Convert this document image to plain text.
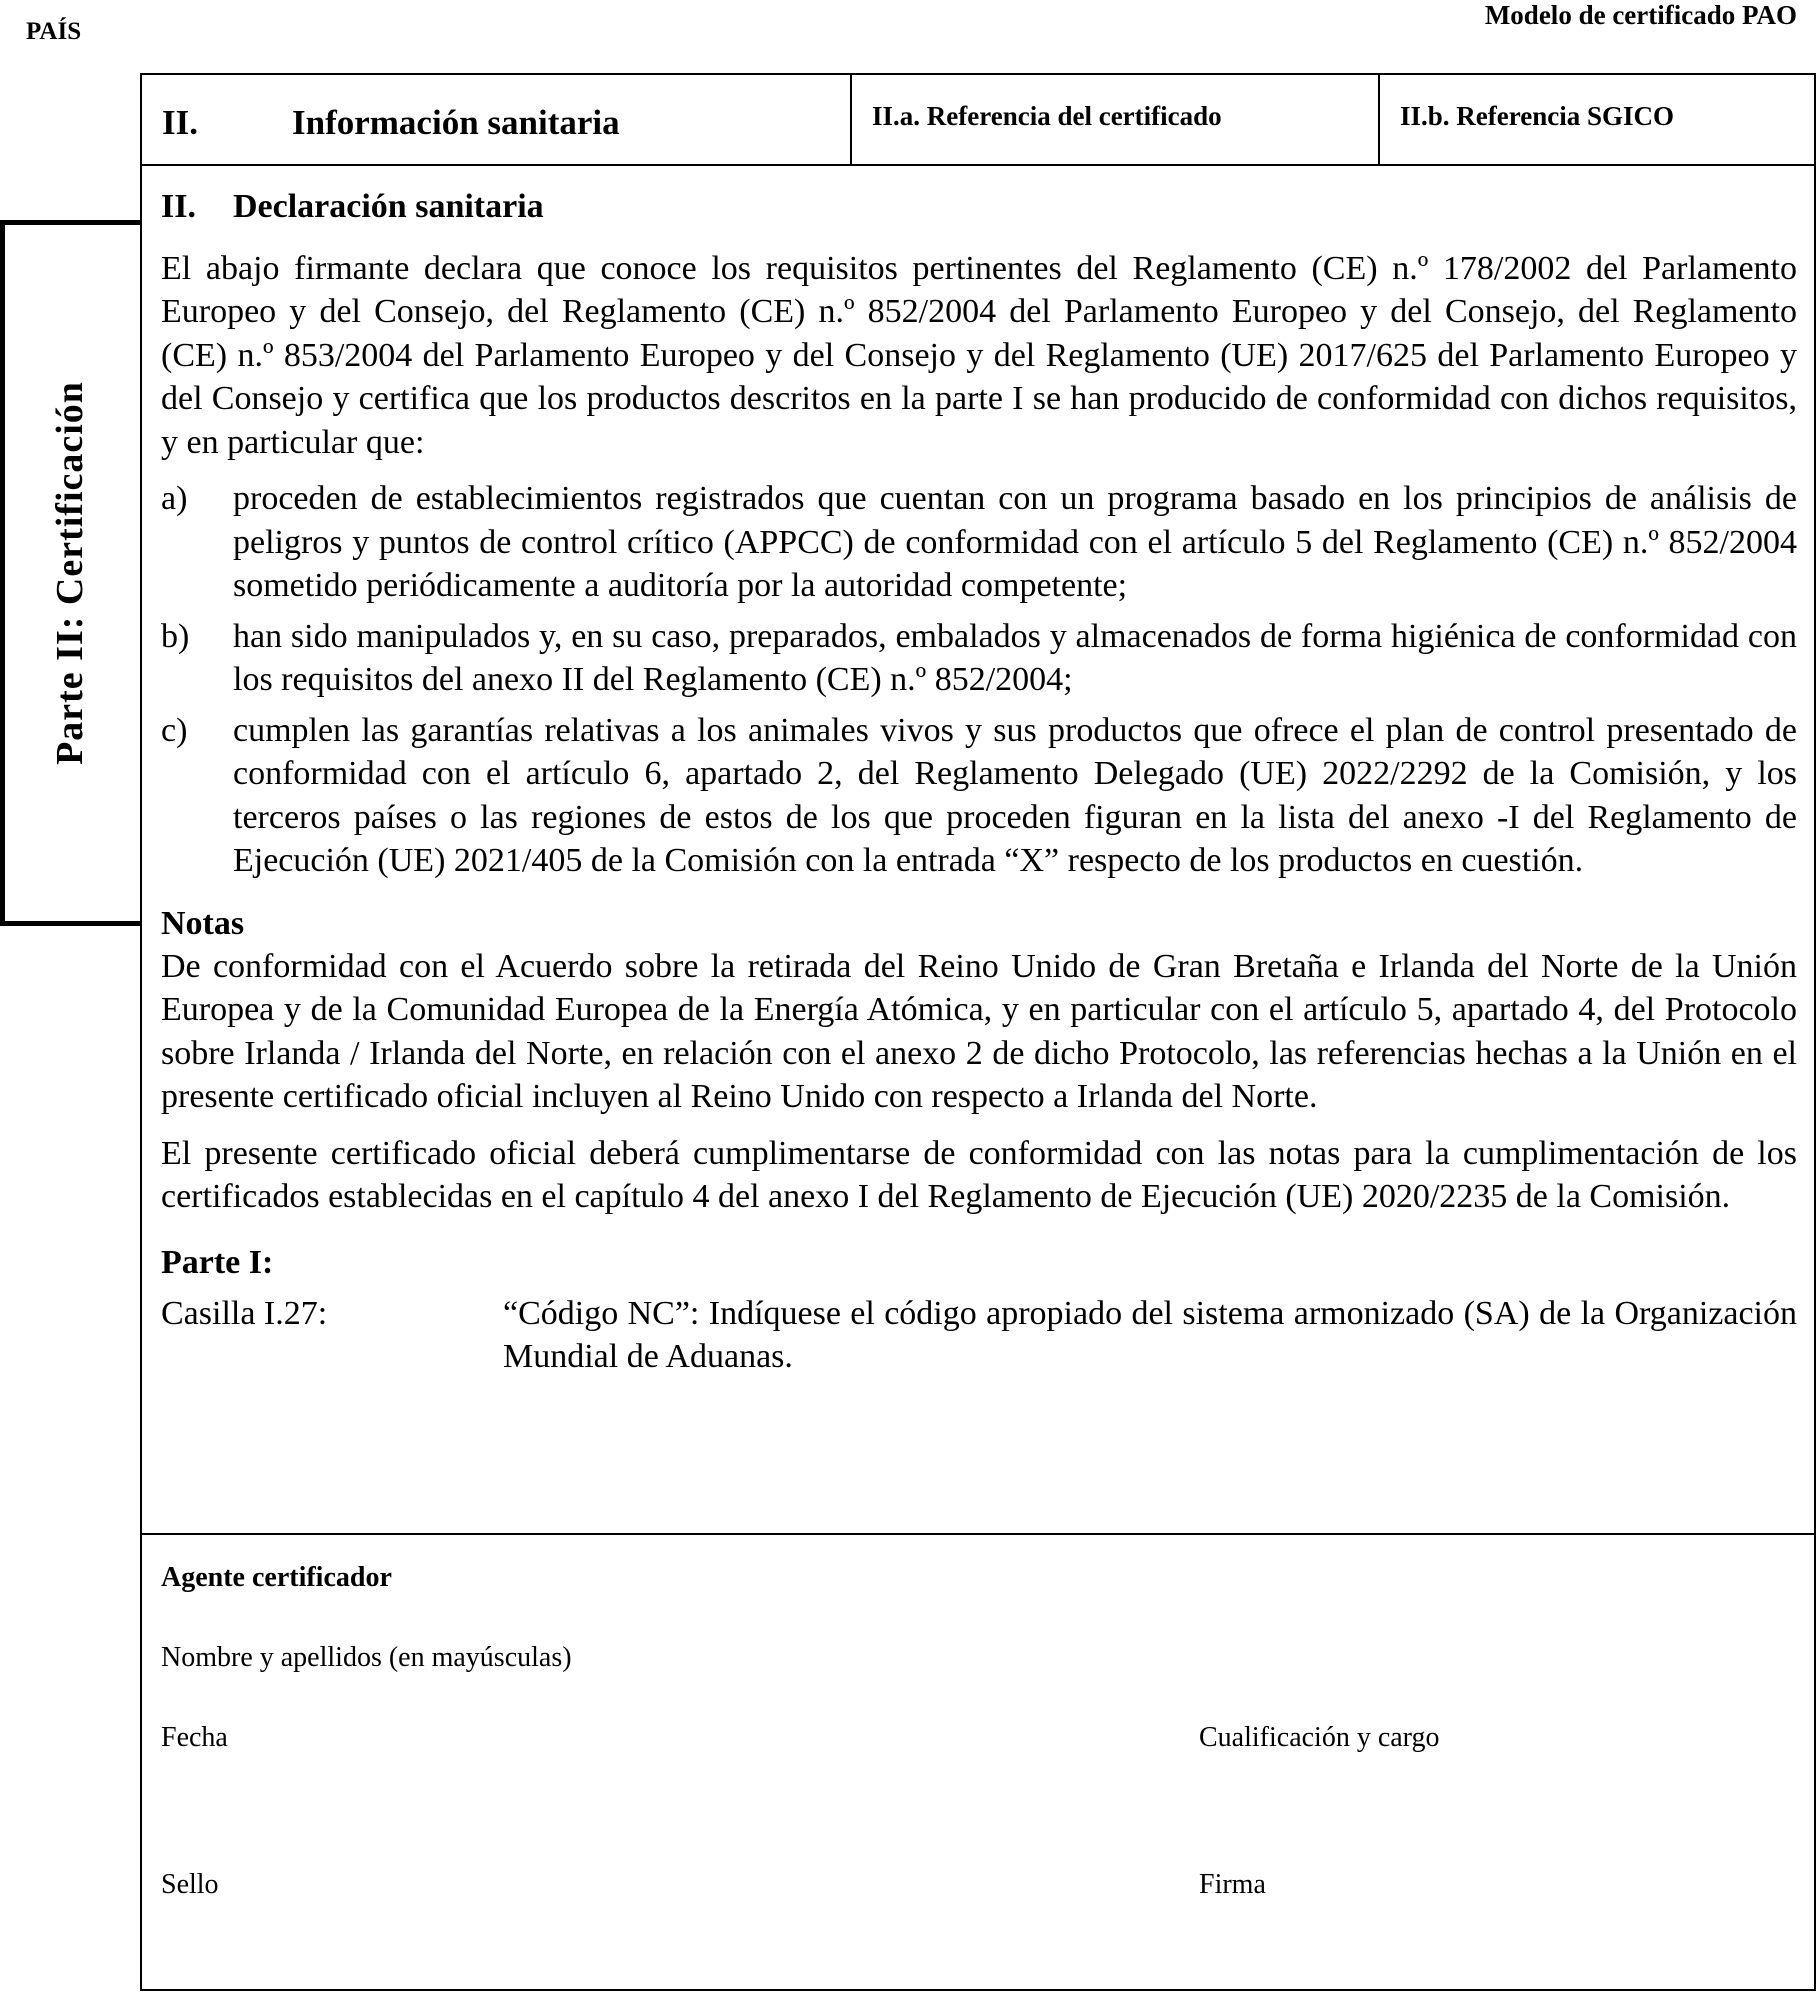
PAÍS
Modelo de certificado PAO
Parte II: Certificación
II.	Información sanitaria	II.a. Referencia del certificado	II.b. Referencia SGICO
II. Declaración sanitaria

El abajo firmante declara que conoce los requisitos pertinentes del Reglamento (CE) n.º 178/2002 del Parlamento Europeo y del Consejo, del Reglamento (CE) n.º 852/2004 del Parlamento Europeo y del Consejo, del Reglamento (CE) n.º 853/2004 del Parlamento Europeo y del Consejo y del Reglamento (UE) 2017/625 del Parlamento Europeo y del Consejo y certifica que los productos descritos en la parte I se han producido de conformidad con dichos requisitos, y en particular que:

a)	proceden de establecimientos registrados que cuentan con un programa basado en los principios de análisis de peligros y puntos de control crítico (APPCC) de conformidad con el artículo 5 del Reglamento (CE) n.º 852/2004 sometido periódicamente a auditoría por la autoridad competente;
b)	han sido manipulados y, en su caso, preparados, embalados y almacenados de forma higiénica de conformidad con los requisitos del anexo II del Reglamento (CE) n.º 852/2004;
c)	cumplen las garantías relativas a los animales vivos y sus productos que ofrece el plan de control presentado de conformidad con el artículo 6, apartado 2, del Reglamento Delegado (UE) 2022/2292 de la Comisión, y los terceros países o las regiones de estos de los que proceden figuran en la lista del anexo -I del Reglamento de Ejecución (UE) 2021/405 de la Comisión con la entrada “X” respecto de los productos en cuestión.
Notas

De conformidad con el Acuerdo sobre la retirada del Reino Unido de Gran Bretaña e Irlanda del Norte de la Unión Europea y de la Comunidad Europea de la Energía Atómica, y en particular con el artículo 5, apartado 4, del Protocolo sobre Irlanda / Irlanda del Norte, en relación con el anexo 2 de dicho Protocolo, las referencias hechas a la Unión en el presente certificado oficial incluyen al Reino Unido con respecto a Irlanda del Norte.

El presente certificado oficial deberá cumplimentarse de conformidad con las notas para la cumplimentación de los certificados establecidas en el capítulo 4 del anexo I del Reglamento de Ejecución (UE) 2020/2235 de la Comisión.

Parte I:
Casilla I.27:	“Código NC”: Indíquese el código apropiado del sistema armonizado (SA) de la Organización Mundial de Aduanas.
Agente certificador
Nombre y apellidos (en mayúsculas)
Fecha	Cualificación y cargo
Sello	Firma
